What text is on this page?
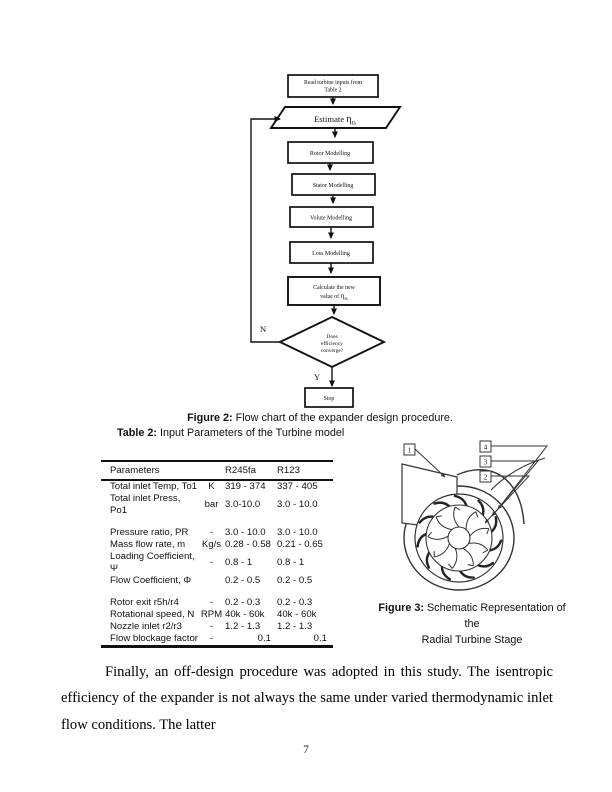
Read turbine inputs from
Table 2
Estimate $\eta_{ts}$
Rotor Modelling
Stator Modelling
Volute Modelling
Loss Modelling
Calculate the new
value of $\eta_{ts}$
Does
efficiency
converge?
N
Y
Stop
Figure 2: Flow chart of the expander design procedure.
Table 2: Input Parameters of the Turbine model
Parameters		R245fa	R123
Total inlet Temp, To1	K	319 - 374	337 - 405
Total inlet Press, Po1	bar	3.0-10.0	3.0 - 10.0

Pressure ratio, PR	-	3.0 - 10.0	3.0 - 10.0
Mass flow rate, m	Kg/s	0.28 - 0.58	0.21 - 0.65
Loading Coefficient, Ψ	-	0.8 - 1	0.8 - 1
Flow Coefficient, Φ		0.2 - 0.5	0.2 - 0.5

Rotor exit r5h/r4	-	0.2 - 0.3	0.2 - 0.3
Rotational speed, N	RPM	40k - 60k	40k - 60k
Nozzle inlet r2/r3	-	1.2 - 1.3	1.2 - 1.3
Flow blockage factor	-	0.1	0.1
1	4
3
2
Figure 3: Schematic Representation of the
Radial Turbine Stage

Finally, an off-design procedure was adopted in this study. The isentropic efficiency of the expander is not always the same under varied thermodynamic inlet flow conditions. The latter

7
